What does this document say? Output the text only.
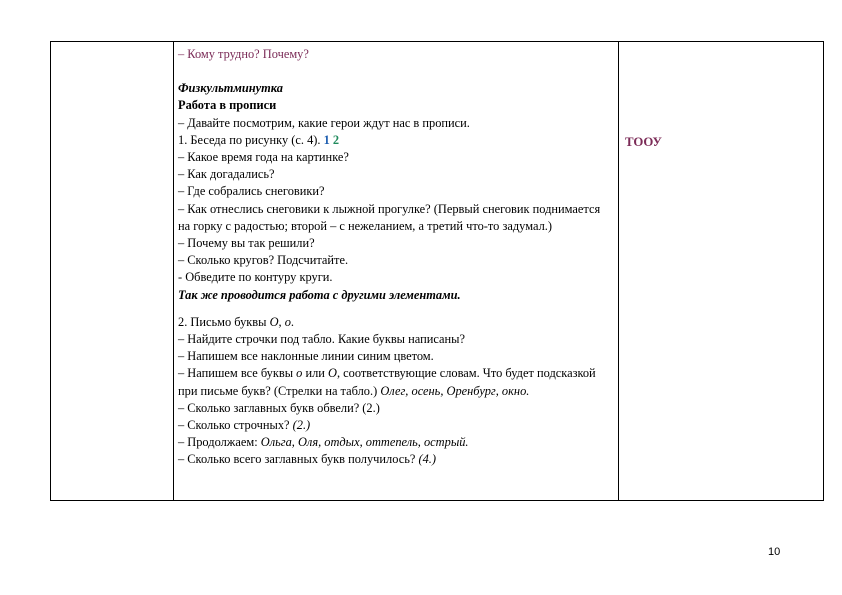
– Кому трудно? Почему?
Физкультминутка
Работа в прописи
– Давайте посмотрим, какие герои ждут нас в прописи.
1. Беседа по рисунку (с. 4). 1 2
– Какое время года на картинке?
– Как догадались?
– Где собрались снеговики?
– Как отнеслись снеговики к лыжной прогулке? (Первый снеговик поднимается на горку с радостью; второй – с нежеланием, а третий что-то задумал.)
– Почему вы так решили?
– Сколько кругов? Подсчитайте.
- Обведите по контуру круги.
Так же проводится работа с другими элементами.
2. Письмо буквы О, о.
– Найдите строчки под табло. Какие буквы написаны?
– Напишем все наклонные линии синим цветом.
– Напишем все буквы о или О, соответствующие словам. Что будет подсказкой при письме букв? (Стрелки на табло.) Олег, осень, Оренбург, окно.
– Сколько заглавных букв обвели? (2.)
– Сколько строчных? (2.)
– Продолжаем: Ольга, Оля, отдых, оттепель, острый.
– Сколько всего заглавных букв получилось? (4.)

ТООУ
10
